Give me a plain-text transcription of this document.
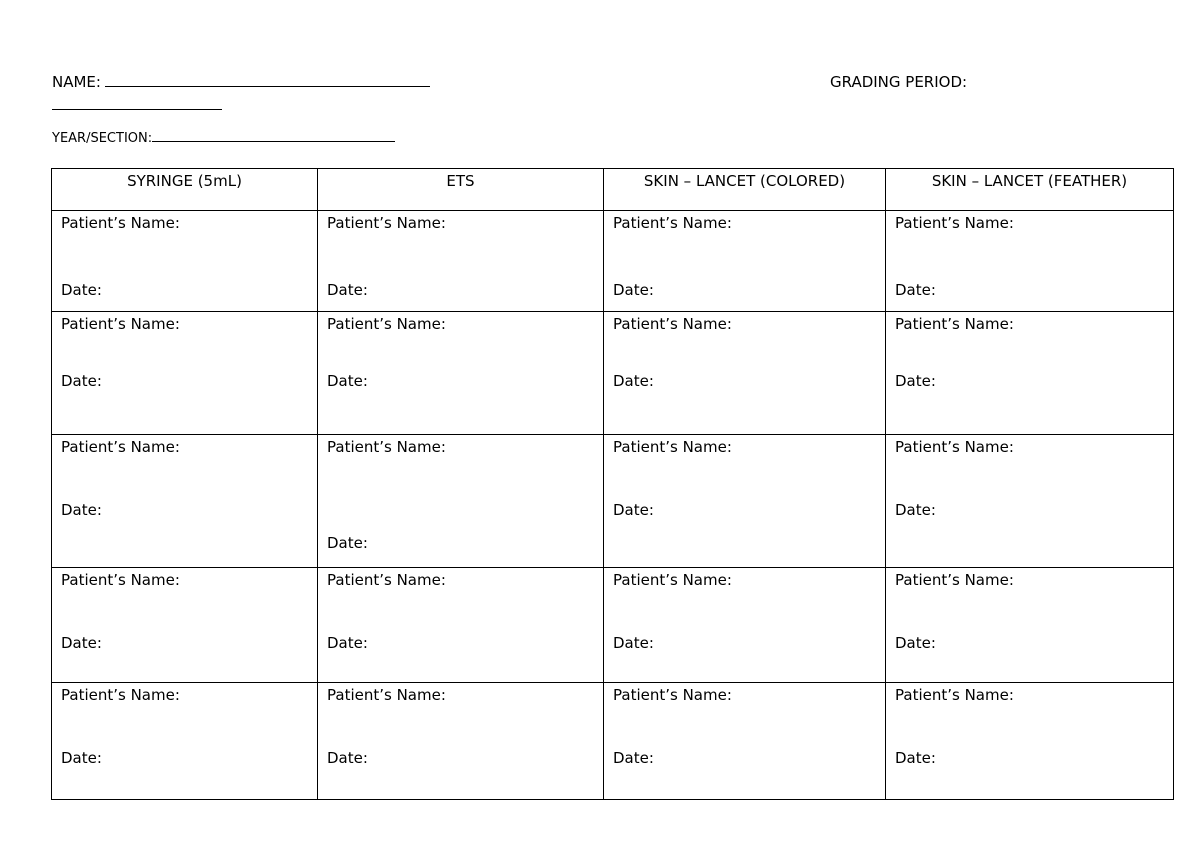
NAME:	GRADING PERIOD:
YEAR/SECTION:
SYRINGE (5mL)	ETS	SKIN – LANCET (COLORED)	SKIN – LANCET (FEATHER)

Patient’s Name:
Date:	Patient’s Name:
Date:	Patient’s Name:
Date:	Patient’s Name:
Date:

Patient’s Name:
Date:	Patient’s Name:
Date:	Patient’s Name:
Date:	Patient’s Name:
Date:

Patient’s Name:
Date:	Patient’s Name:
Date:	Patient’s Name:
Date:	Patient’s Name:
Date:

Patient’s Name:
Date:	Patient’s Name:
Date:	Patient’s Name:
Date:	Patient’s Name:
Date:

Patient’s Name:
Date:	Patient’s Name:
Date:	Patient’s Name:
Date:	Patient’s Name:
Date:
